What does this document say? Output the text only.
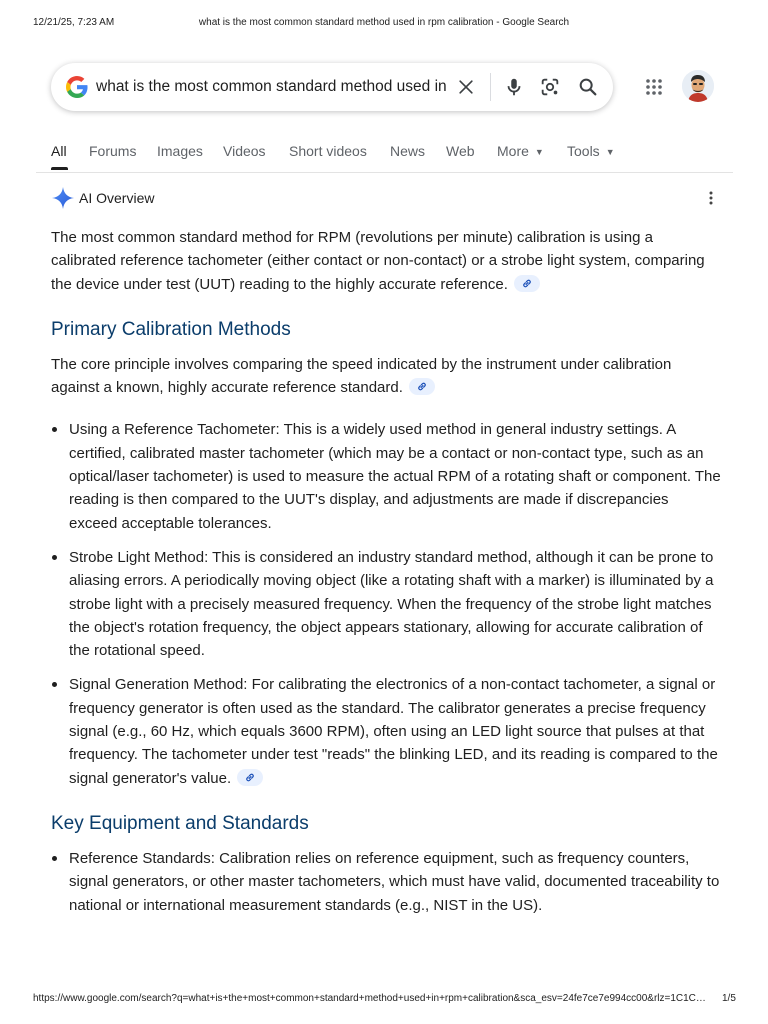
12/21/25, 7:23 AM	what is the most common standard method used in rpm calibration - Google Search
what is the most common standard method used in
All Forums Images Videos Short videos News Web More ▼ Tools ▼
AI Overview

The most common standard method for RPM (revolutions per minute) calibration is using a calibrated reference tachometer (either contact or non-contact) or a strobe light system, comparing the device under test (UUT) reading to the highly accurate reference.

Primary Calibration Methods

The core principle involves comparing the speed indicated by the instrument under calibration against a known, highly accurate reference standard.

Using a Reference Tachometer: This is a widely used method in general industry settings. A certified, calibrated master tachometer (which may be a contact or non-contact type, such as an optical/laser tachometer) is used to measure the actual RPM of a rotating shaft or component. The reading is then compared to the UUT's display, and adjustments are made if discrepancies exceed acceptable tolerances.
Strobe Light Method: This is considered an industry standard method, although it can be prone to aliasing errors. A periodically moving object (like a rotating shaft with a marker) is illuminated by a strobe light with a precisely measured frequency. When the frequency of the strobe light matches the object's rotation frequency, the object appears stationary, allowing for accurate calibration of the rotational speed.
Signal Generation Method: For calibrating the electronics of a non-contact tachometer, a signal or frequency generator is often used as the standard. The calibrator generates a precise frequency signal (e.g., 60 Hz, which equals 3600 RPM), often using an LED light source that pulses at that frequency. The tachometer under test "reads" the blinking LED, and its reading is compared to the signal generator's value.
Key Equipment and Standards
Reference Standards: Calibration relies on reference equipment, such as frequency counters, signal generators, or other master tachometers, which must have valid, documented traceability to national or international measurement standards (e.g., NIST in the US).
https://www.google.com/search?q=what+is+the+most+common+standard+method+used+in+rpm+calibration&sca_esv=24fe7ce7e994cc00&rlz=1C1C…	1/5
